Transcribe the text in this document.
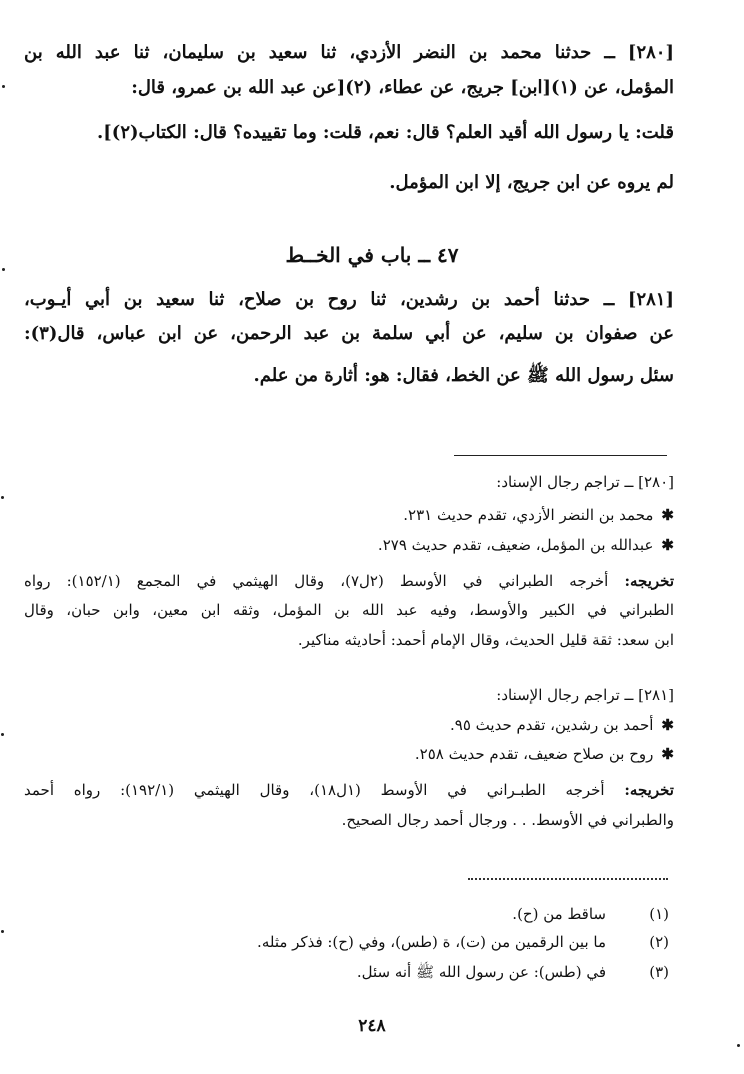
[٢٨٠] ــ حدثنا محمد بن النضر الأزدي، ثنا سعيد بن سليمان، ثنا عبد الله بن
المؤمل، عن (١)[ابن] جريج، عن عطاء، (٢)[عن عبد الله بن عمرو، قال:
قلت: يا رسول الله أقيد العلم؟ قال: نعم، قلت: وما تقييده؟ قال: الكتاب(٢)].
لم يروه عن ابن جريج، إلا ابن المؤمل.
٤٧ ــ باب في الخــط
[٢٨١] ــ حدثنا أحمد بن رشدين، ثنا روح بن صلاح، ثنا سعيد بن أبي أيـوب،
عن صفوان بن سليم، عن أبي سلمة بن عبد الرحمن، عن ابن عباس، قال(٣):
سئل رسول الله ﷺ عن الخط، فقال: هو: أثارة من علم.
[٢٨٠] ــ تراجم رجال الإسناد:
✱محمد بن النضر الأزدي، تقدم حديث ٢٣١.
✱عبدالله بن المؤمل، ضعيف، تقدم حديث ٢٧٩.
تخريجه: أخرجه الطبراني في الأوسط (٢ل٧)، وقال الهيثمي في المجمع (١٥٢/١): رواه
الطبراني في الكبير والأوسط، وفيه عبد الله بن المؤمل، وثقه ابن معين، وابن حبان، وقال
ابن سعد: ثقة قليل الحديث، وقال الإمام أحمد: أحاديثه مناكير.
[٢٨١] ــ تراجم رجال الإسناد:
✱أحمد بن رشدين، تقدم حديث ٩٥.
✱روح بن صلاح ضعيف، تقدم حديث ٢٥٨.
تخريجه: أخرجه الطبـراني في الأوسط (١ل١٨)، وقال الهيثمي (١٩٢/١): رواه أحمد
والطبراني في الأوسط. . . ورجال أحمد رجال الصحيح.
(١)
ساقط من (ح).
(٢)
ما بين الرقمين من (ت)، ة (طس)، وفي (ح): فذكر مثله.
(٣)
في (طس): عن رسول الله ﷺ أنه سئل.
٢٤٨
